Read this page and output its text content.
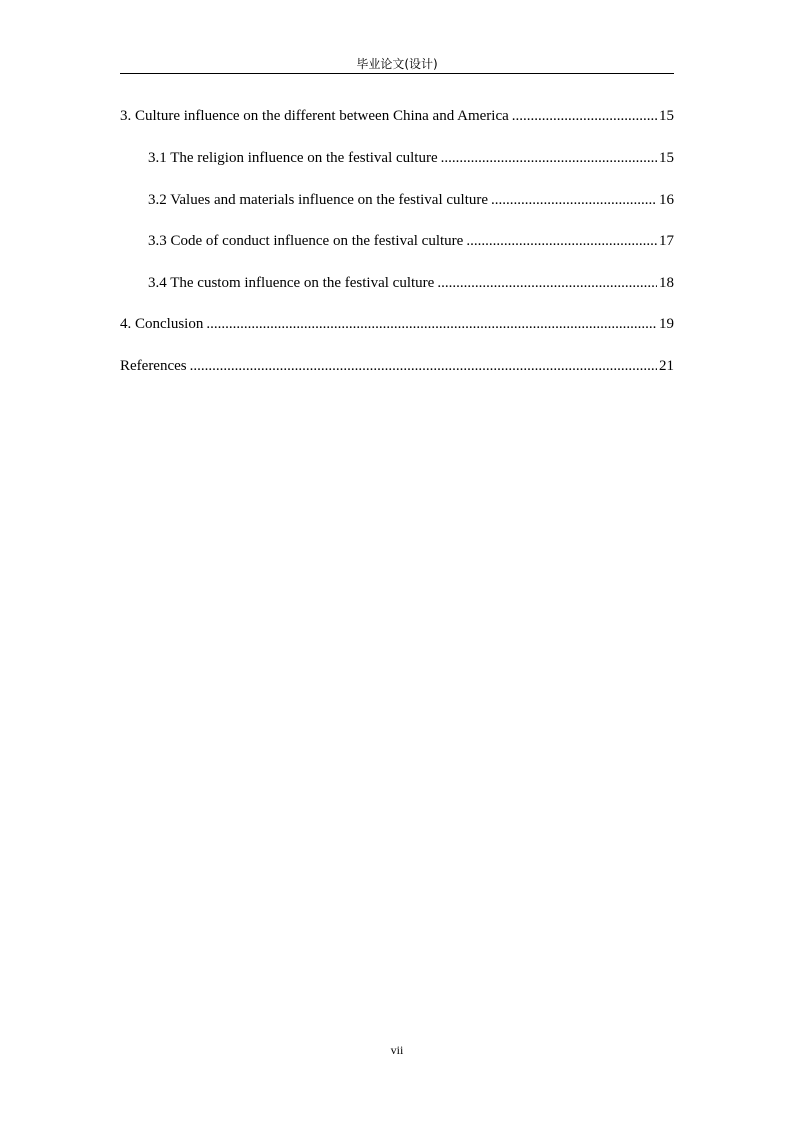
毕业论文(设计)
3. Culture influence on the different between China and America .....	15
3.1 The religion influence on the festival culture .....	15
3.2 Values and materials influence on the festival culture .....	16
3.3 Code of conduct influence on the festival culture .....	17
3.4 The custom influence on the festival culture .....	18
4. Conclusion .....	19
References .....	21
vii
